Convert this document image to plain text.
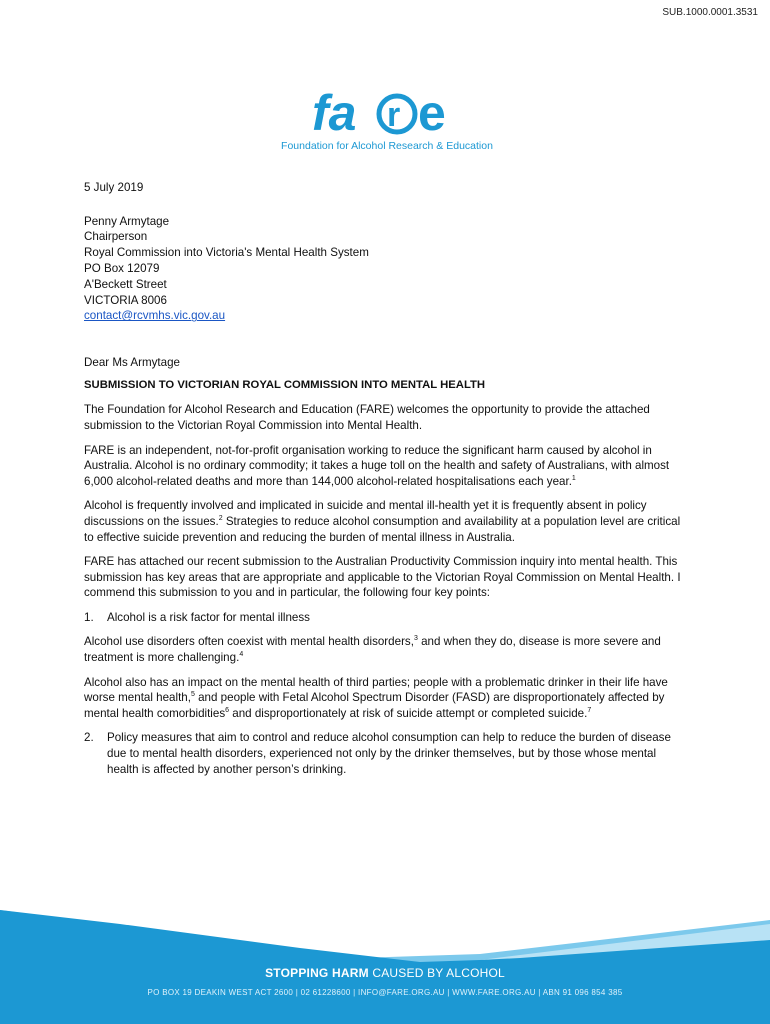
SUB.1000.0001.3531
fa r e
Foundation for Alcohol Research & Education

5 July 2019

Penny Armytage
Chairperson
Royal Commission into Victoria's Mental Health System
PO Box 12079
A'Beckett Street
VICTORIA 8006
contact@rcvmhs.vic.gov.au

Dear Ms Armytage

SUBMISSION TO VICTORIAN ROYAL COMMISSION INTO MENTAL HEALTH

The Foundation for Alcohol Research and Education (FARE) welcomes the opportunity to provide the attached submission to the Victorian Royal Commission into Mental Health.

FARE is an independent, not-for-profit organisation working to reduce the significant harm caused by alcohol in Australia. Alcohol is no ordinary commodity; it takes a huge toll on the health and safety of Australians, with almost 6,000 alcohol-related deaths and more than 144,000 alcohol-related hospitalisations each year.$^1$

Alcohol is frequently involved and implicated in suicide and mental ill-health yet it is frequently absent in policy discussions on the issues.$^2$ Strategies to reduce alcohol consumption and availability at a population level are critical to effective suicide prevention and reducing the burden of mental illness in Australia.

FARE has attached our recent submission to the Australian Productivity Commission inquiry into mental health. This submission has key areas that are appropriate and applicable to the Victorian Royal Commission on Mental Health. I commend this submission to you and in particular, the following four key points:

1.	Alcohol is a risk factor for mental illness

Alcohol use disorders often coexist with mental health disorders,$^3$ and when they do, disease is more severe and treatment is more challenging.$^4$

Alcohol also has an impact on the mental health of third parties; people with a problematic drinker in their life have worse mental health,$^5$ and people with Fetal Alcohol Spectrum Disorder (FASD) are disproportionately affected by mental health comorbidities$^6$ and disproportionately at risk of suicide attempt or completed suicide.$^7$

2.	Policy measures that aim to control and reduce alcohol consumption can help to reduce the burden of disease due to mental health disorders, experienced not only by the drinker themselves, but by those whose mental health is affected by another person’s drinking.
STOPPING HARM CAUSED BY ALCOHOL
PO BOX 19 DEAKIN WEST ACT 2600 | 02 61228600 | INFO@FARE.ORG.AU | WWW.FARE.ORG.AU | ABN 91 096 854 385
